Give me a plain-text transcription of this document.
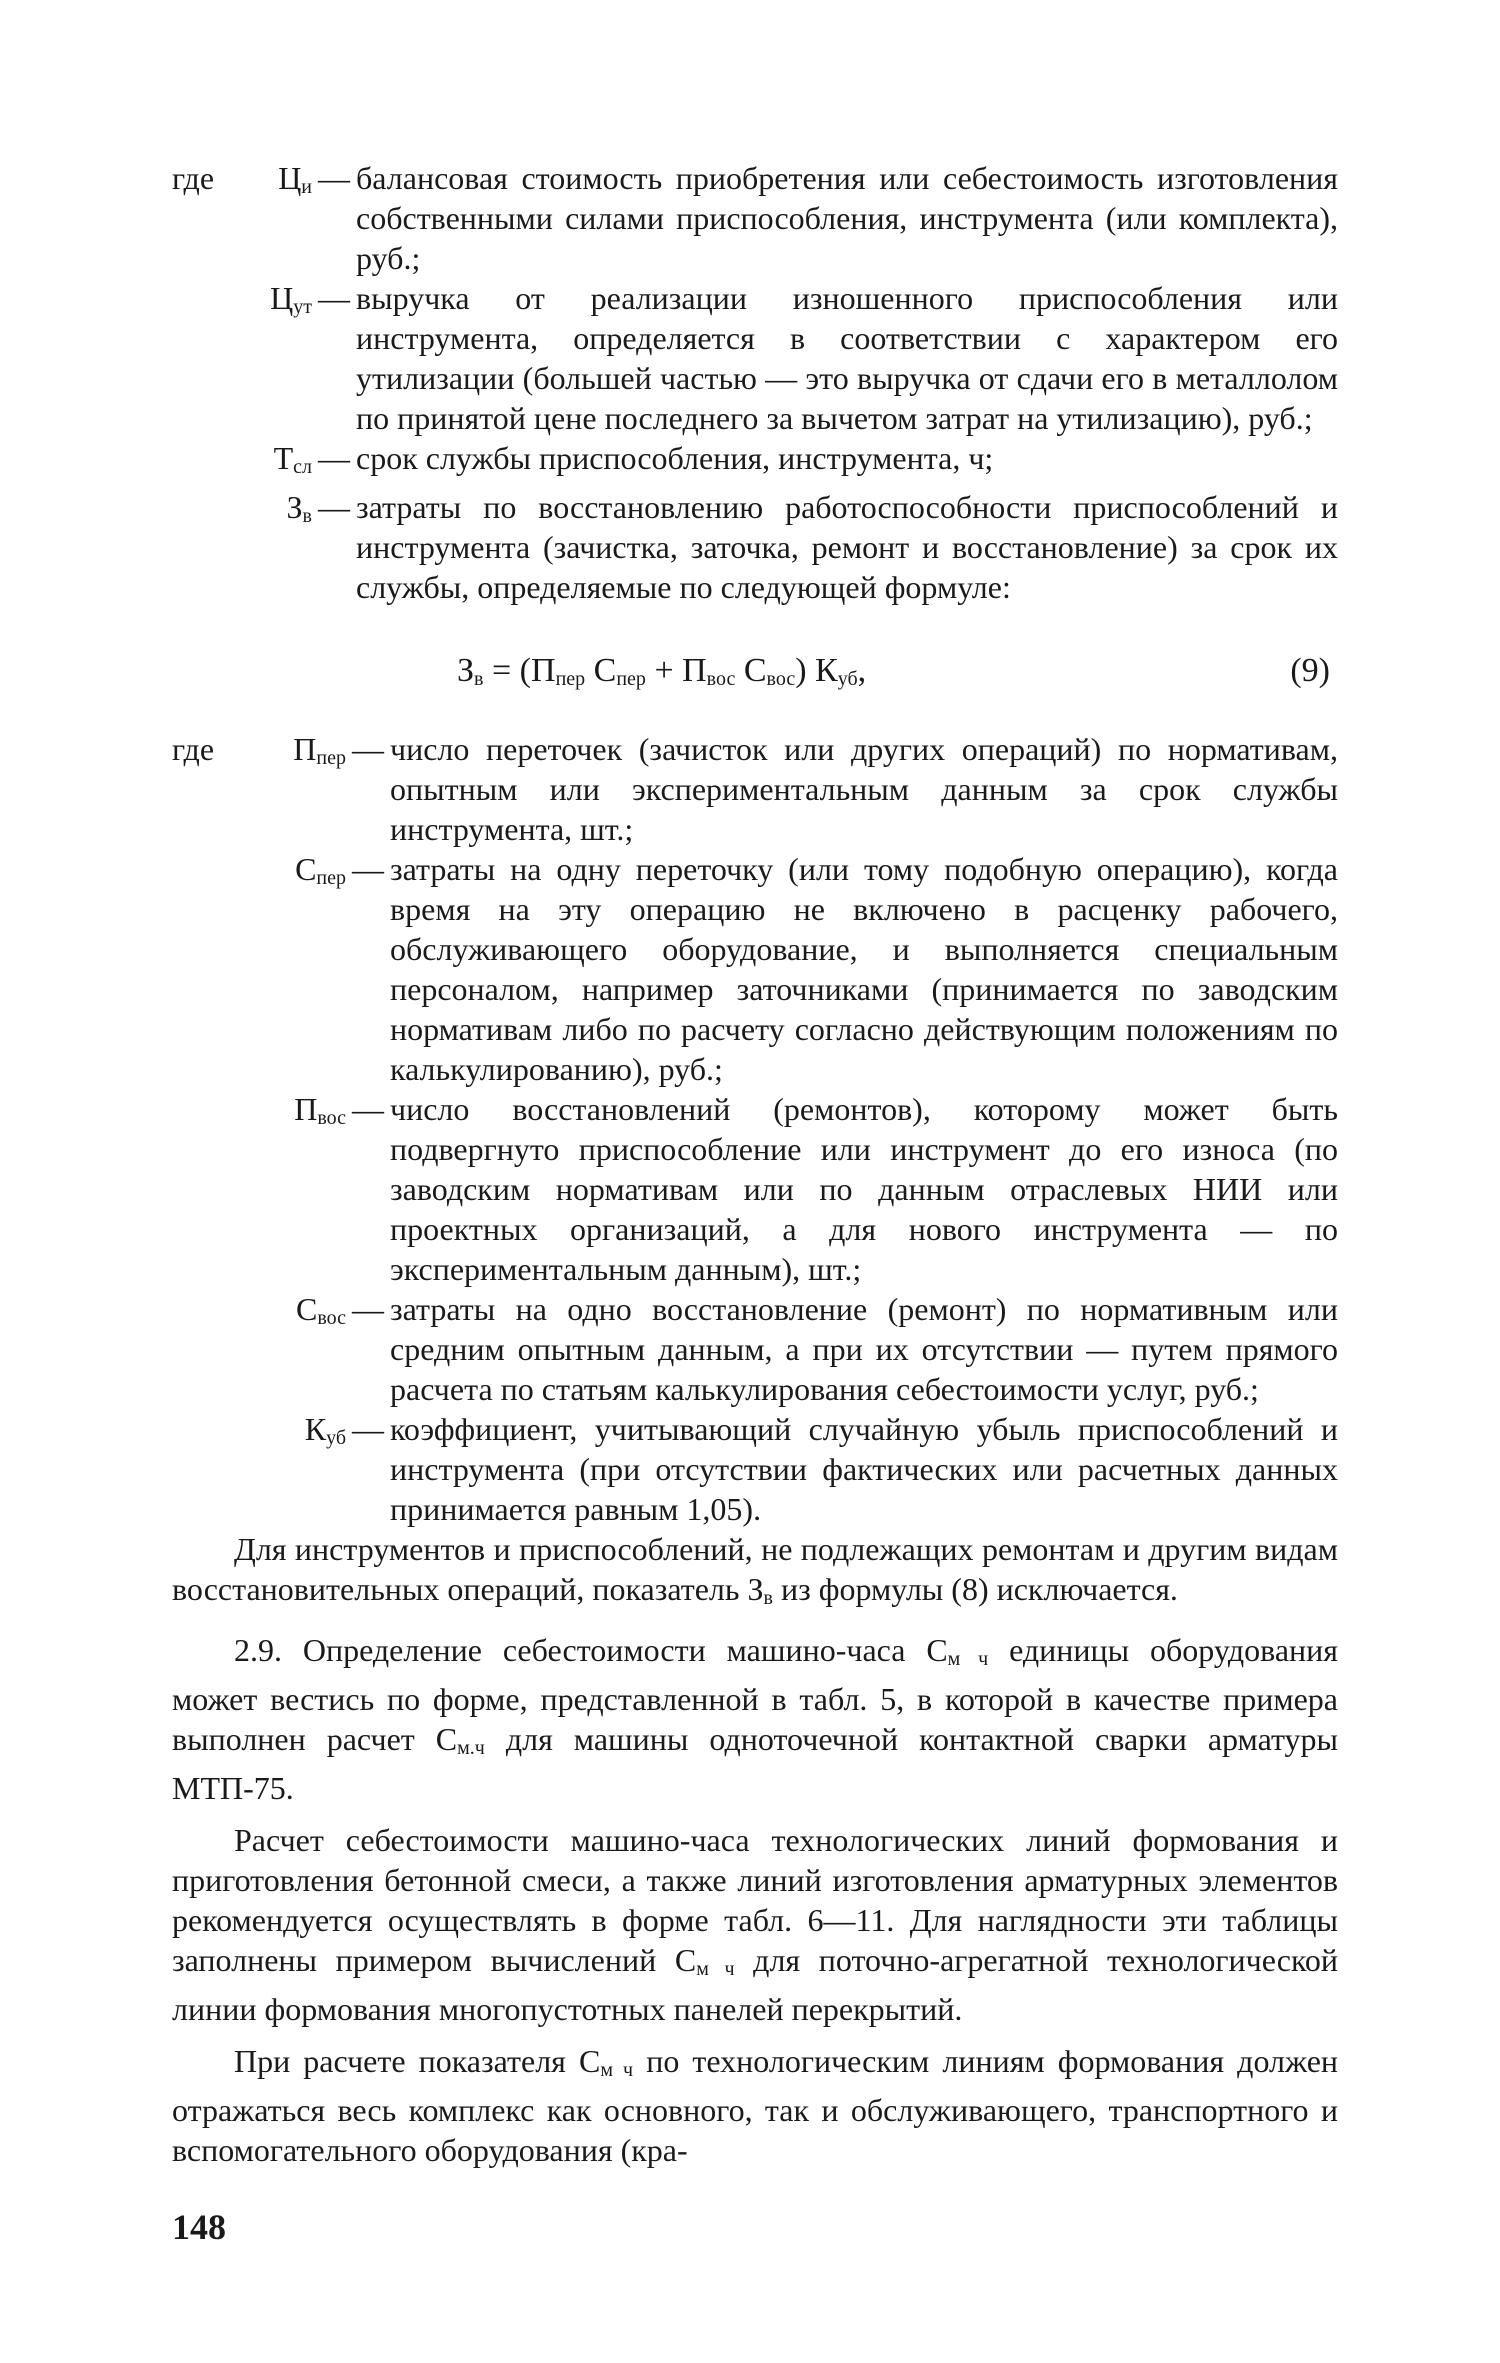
где	$Ц_и$ — балансовая стоимость приобретения или себестоимость изготовления собственными силами приспособления, инструмента (или комплекта), руб.;
$Ц_{ут}$ — выручка от реализации изношенного приспособления или инструмента, определяется в соответствии с характером его утилизации (большей частью — это выручка от сдачи его в металлолом по принятой цене последнего за вычетом затрат на утилизацию), руб.;
$Т_{сл}$ — срок службы приспособления, инструмента, ч;
$З_в$ — затраты по восстановлению работоспособности приспособлений и инструмента (зачистка, заточка, ремонт и восстановление) за срок их службы, определяемые по следующей формуле:
$З_в = (П_{пер}$ $С_{пер} + П_{вос}$ $С_{вос}$) $К_{уб}$,	(9)
где	$П_{пер}$ — число переточек (зачисток или других операций) по нормативам, опытным или экспериментальным данным за срок службы инструмента, шт.;
$С_{пер}$ — затраты на одну переточку (или тому подобную операцию), когда время на эту операцию не включено в расценку рабочего, обслуживающего оборудование, и выполняется специальным персоналом, например заточниками (принимается по заводским нормативам либо по расчету согласно действующим положениям по калькулированию), руб.;
$П_{вос}$ — число восстановлений (ремонтов), которому может быть подвергнуто приспособление или инструмент до его износа (по заводским нормативам или по данным отраслевых НИИ или проектных организаций, а для нового инструмента — по экспериментальным данным), шт.;
$С_{вос}$ — затраты на одно восстановление (ремонт) по нормативным или средним опытным данным, а при их отсутствии — путем прямого расчета по статьям калькулирования себестоимости услуг, руб.;
$К_{уб}$ — коэффициент, учитывающий случайную убыль приспособлений и инструмента (при отсутствии фактических или расчетных данных принимается равным 1,05).

Для инструментов и приспособлений, не подлежащих ремонтам и другим видам восстановительных операций, показатель $З_в$ из формулы (8) исключается.

2.9. Определение себестоимости машино-часа $С_{м ч}$ единицы оборудования может вестись по форме, представленной в табл. 5, в которой в качестве примера выполнен расчет $С_{м.ч}$ для машины одноточечной контактной сварки арматуры МТП-75.

Расчет себестоимости машино-часа технологических линий формования и приготовления бетонной смеси, а также линий изготовления арматурных элементов рекомендуется осуществлять в форме табл. 6—11. Для наглядности эти таблицы заполнены примером вычислений $С_{м ч}$ для поточно-агрегатной технологической линии формования многопустотных панелей перекрытий.

При расчете показателя $С_{м ч}$ по технологическим линиям формования должен отражаться весь комплекс как основного, так и обслуживающего, транспортного и вспомогательного оборудования (кра-

148
